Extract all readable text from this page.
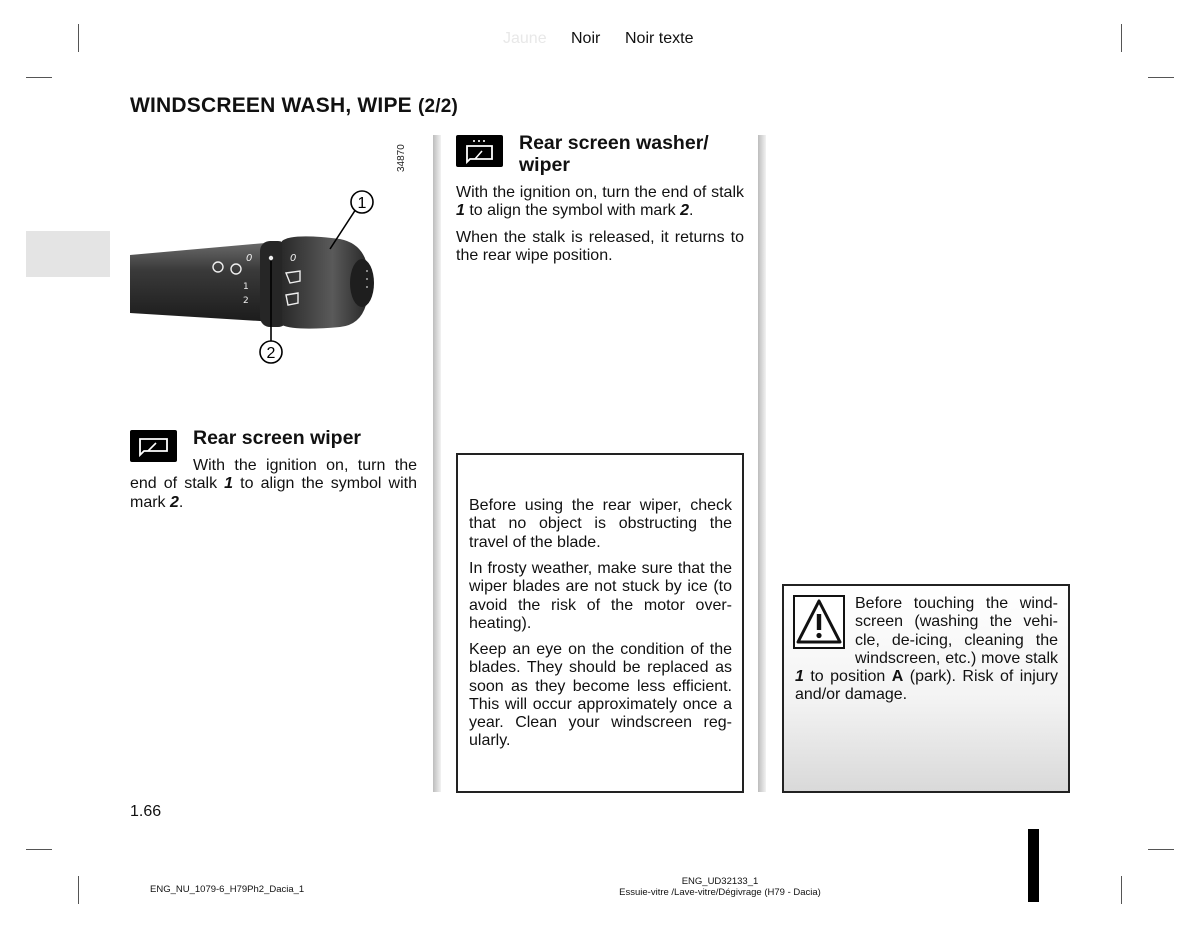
Jaune Noir Noir texte
WINDSCREEN WASH, WIPE (2/2)
34870
0	0
1
2
1
2
Rear screen wiper
With the ignition on, turn the end of stalk 1 to align the symbol with mark 2.
Rear screen washer/ wiper
With the ignition on, turn the end of stalk 1 to align the symbol with mark 2.
When the stalk is released, it returns to the rear wipe position.
Before using the rear wiper, check that no object is obstructing the travel of the blade.
In frosty weather, make sure that the wiper blades are not stuck by ice (to avoid the risk of the motor over-heating).
Keep an eye on the condition of the blades. They should be replaced as soon as they become less efficient. This will occur approximately once a year. Clean your windscreen reg-ularly.
Before touching the wind-screen (washing the vehi-cle, de-icing, cleaning the windscreen, etc.) move stalk 1 to position A (park). Risk of injury and/or damage.
1.66
ENG_NU_1079-6_H79Ph2_Dacia_1
ENG_UD32133_1
Essuie-vitre /Lave-vitre/Dégivrage (H79 - Dacia)
